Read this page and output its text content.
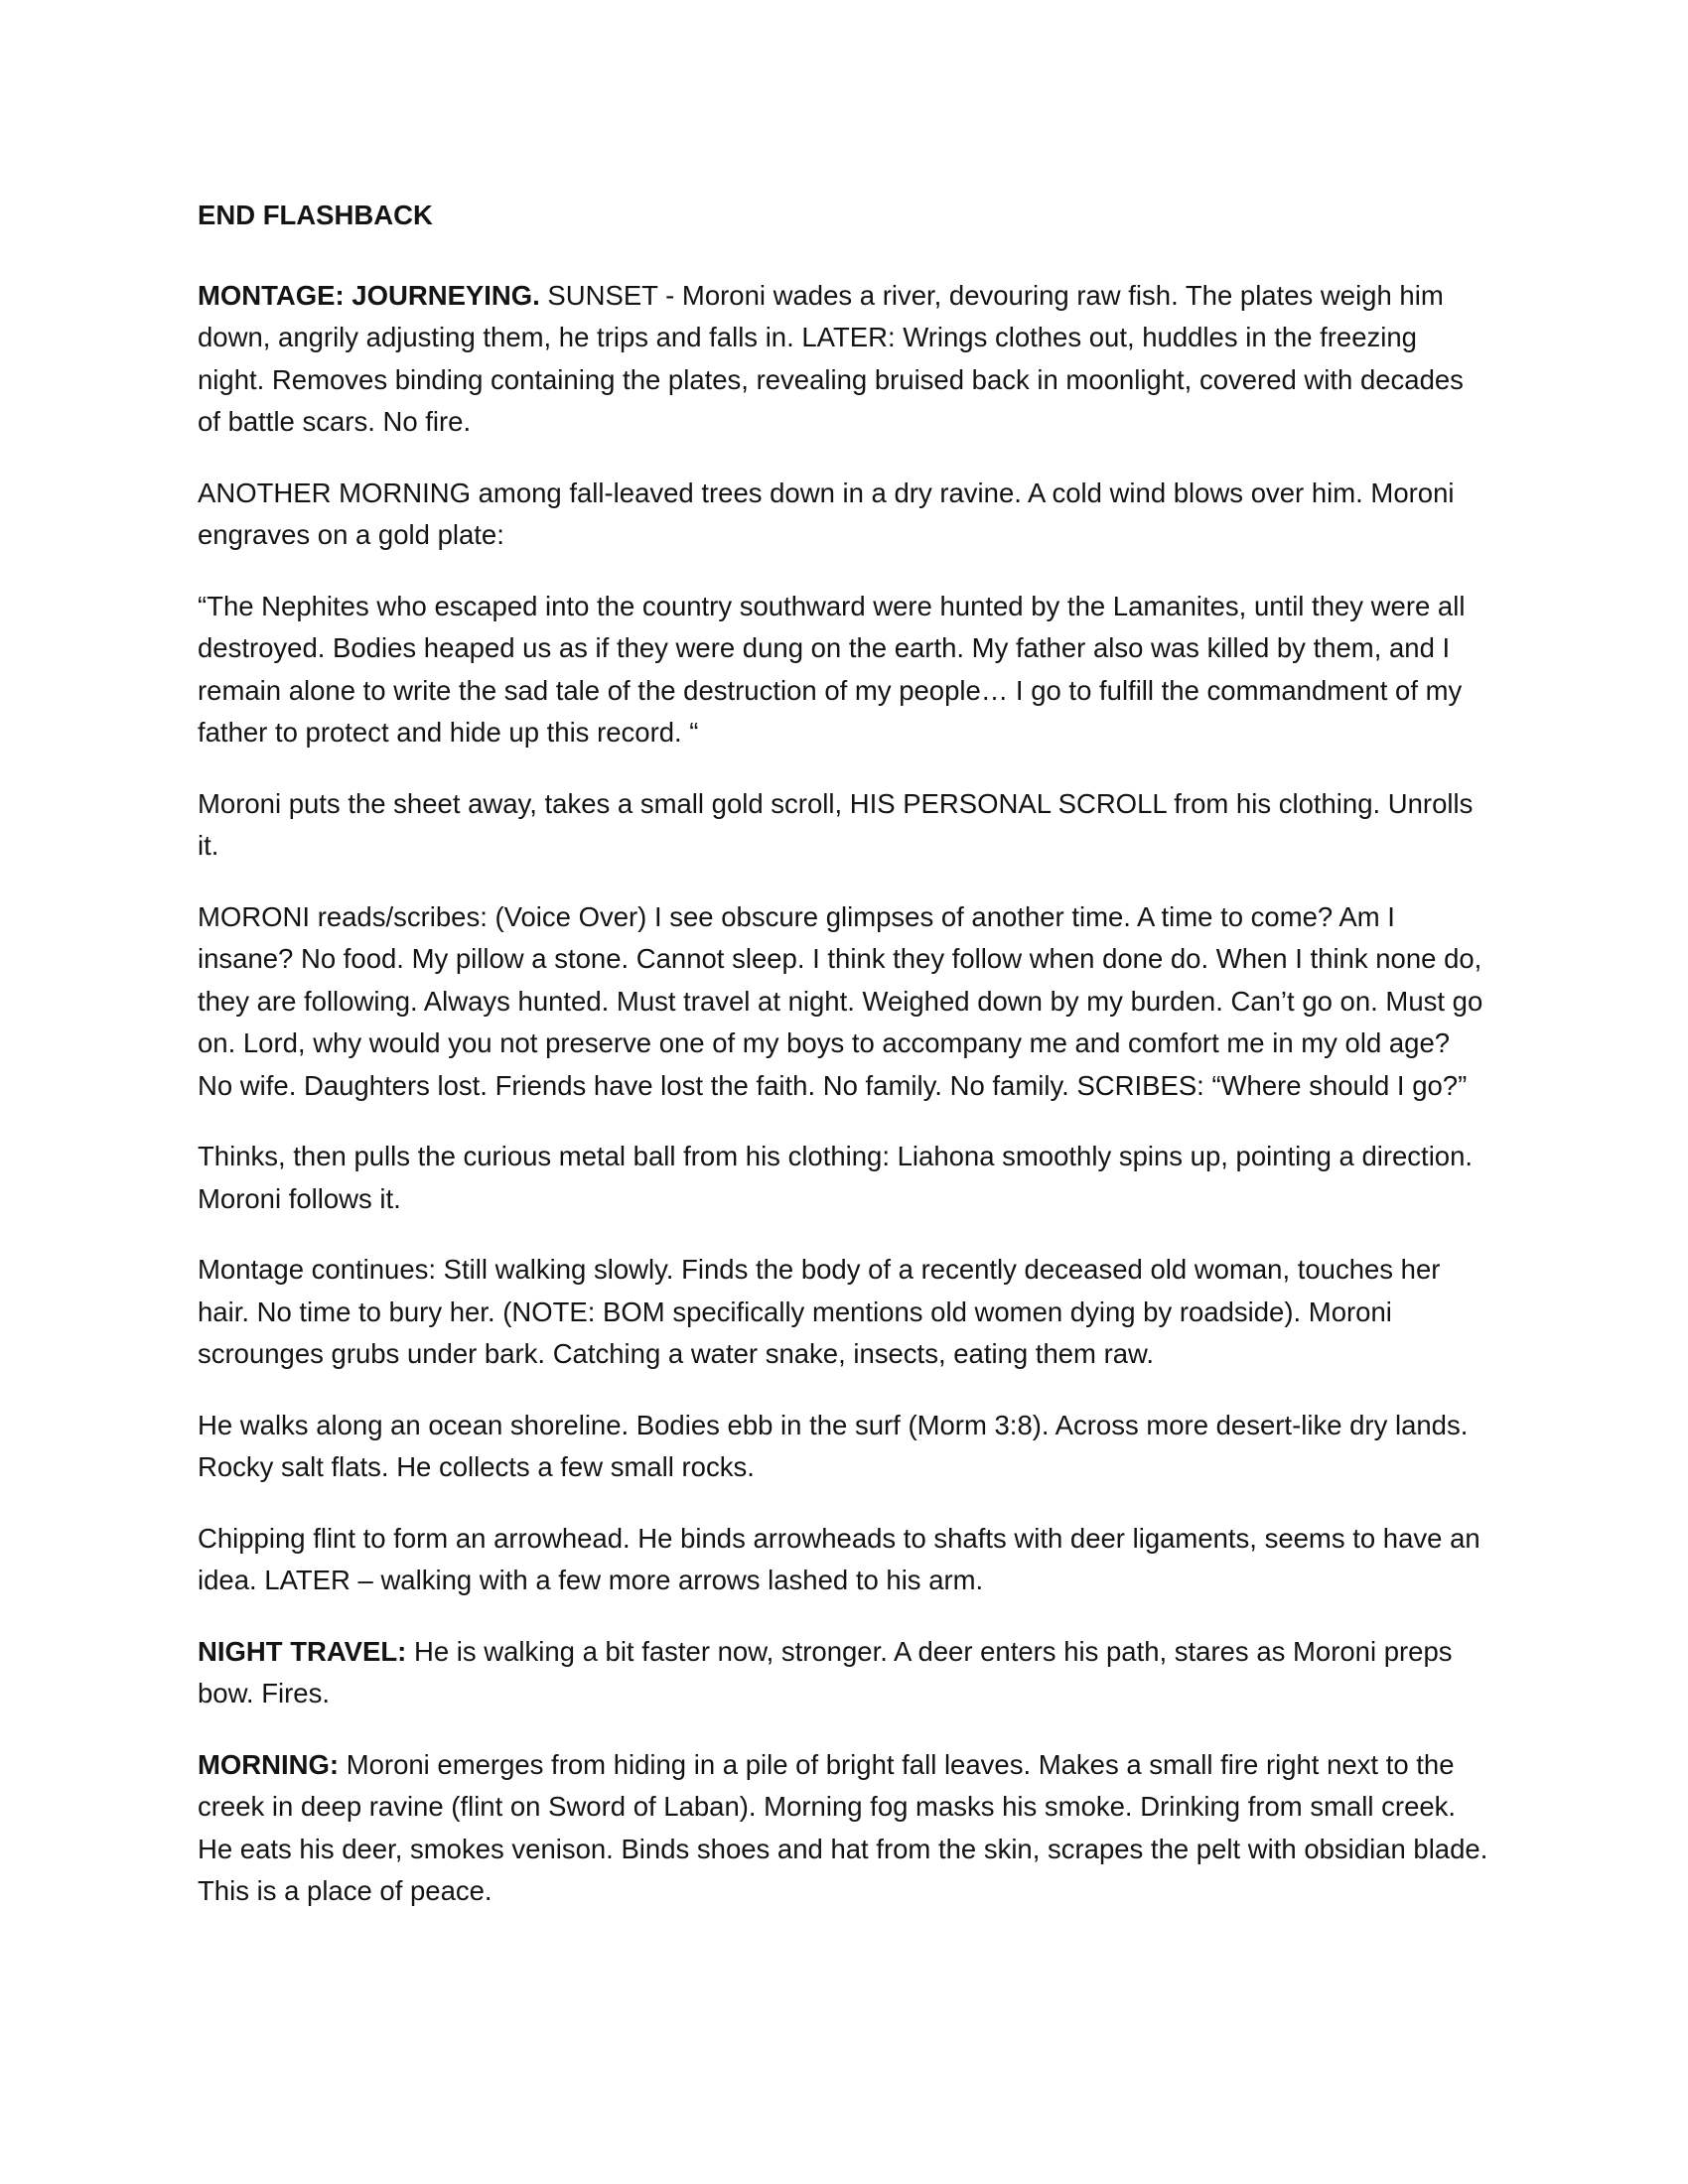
END FLASHBACK

MONTAGE: JOURNEYING. SUNSET - Moroni wades a river, devouring raw fish. The plates weigh him down, angrily adjusting them, he trips and falls in. LATER: Wrings clothes out, huddles in the freezing night. Removes binding containing the plates, revealing bruised back in moonlight, covered with decades of battle scars. No fire.

ANOTHER MORNING among fall-leaved trees down in a dry ravine. A cold wind blows over him. Moroni engraves on a gold plate:

“The Nephites who escaped into the country southward were hunted by the Lamanites, until they were all destroyed. Bodies heaped us as if they were dung on the earth. My father also was killed by them, and I remain alone to write the sad tale of the destruction of my people… I go to fulfill the commandment of my father to protect and hide up this record. “

Moroni puts the sheet away, takes a small gold scroll, HIS PERSONAL SCROLL from his clothing. Unrolls it.

MORONI reads/scribes: (Voice Over) I see obscure glimpses of another time. A time to come? Am I insane? No food. My pillow a stone. Cannot sleep. I think they follow when done do. When I think none do, they are following. Always hunted. Must travel at night. Weighed down by my burden. Can’t go on. Must go on. Lord, why would you not preserve one of my boys to accompany me and comfort me in my old age? No wife. Daughters lost. Friends have lost the faith. No family. No family. SCRIBES: “Where should I go?”

Thinks, then pulls the curious metal ball from his clothing: Liahona smoothly spins up, pointing a direction. Moroni follows it.

Montage continues: Still walking slowly. Finds the body of a recently deceased old woman, touches her hair. No time to bury her. (NOTE: BOM specifically mentions old women dying by roadside). Moroni scrounges grubs under bark. Catching a water snake, insects, eating them raw.

He walks along an ocean shoreline. Bodies ebb in the surf (Morm 3:8). Across more desert-like dry lands. Rocky salt flats. He collects a few small rocks.

Chipping flint to form an arrowhead. He binds arrowheads to shafts with deer ligaments, seems to have an idea. LATER – walking with a few more arrows lashed to his arm.

NIGHT TRAVEL: He is walking a bit faster now, stronger. A deer enters his path, stares as Moroni preps bow. Fires.

MORNING: Moroni emerges from hiding in a pile of bright fall leaves. Makes a small fire right next to the creek in deep ravine (flint on Sword of Laban). Morning fog masks his smoke. Drinking from small creek. He eats his deer, smokes venison. Binds shoes and hat from the skin, scrapes the pelt with obsidian blade. This is a place of peace.
